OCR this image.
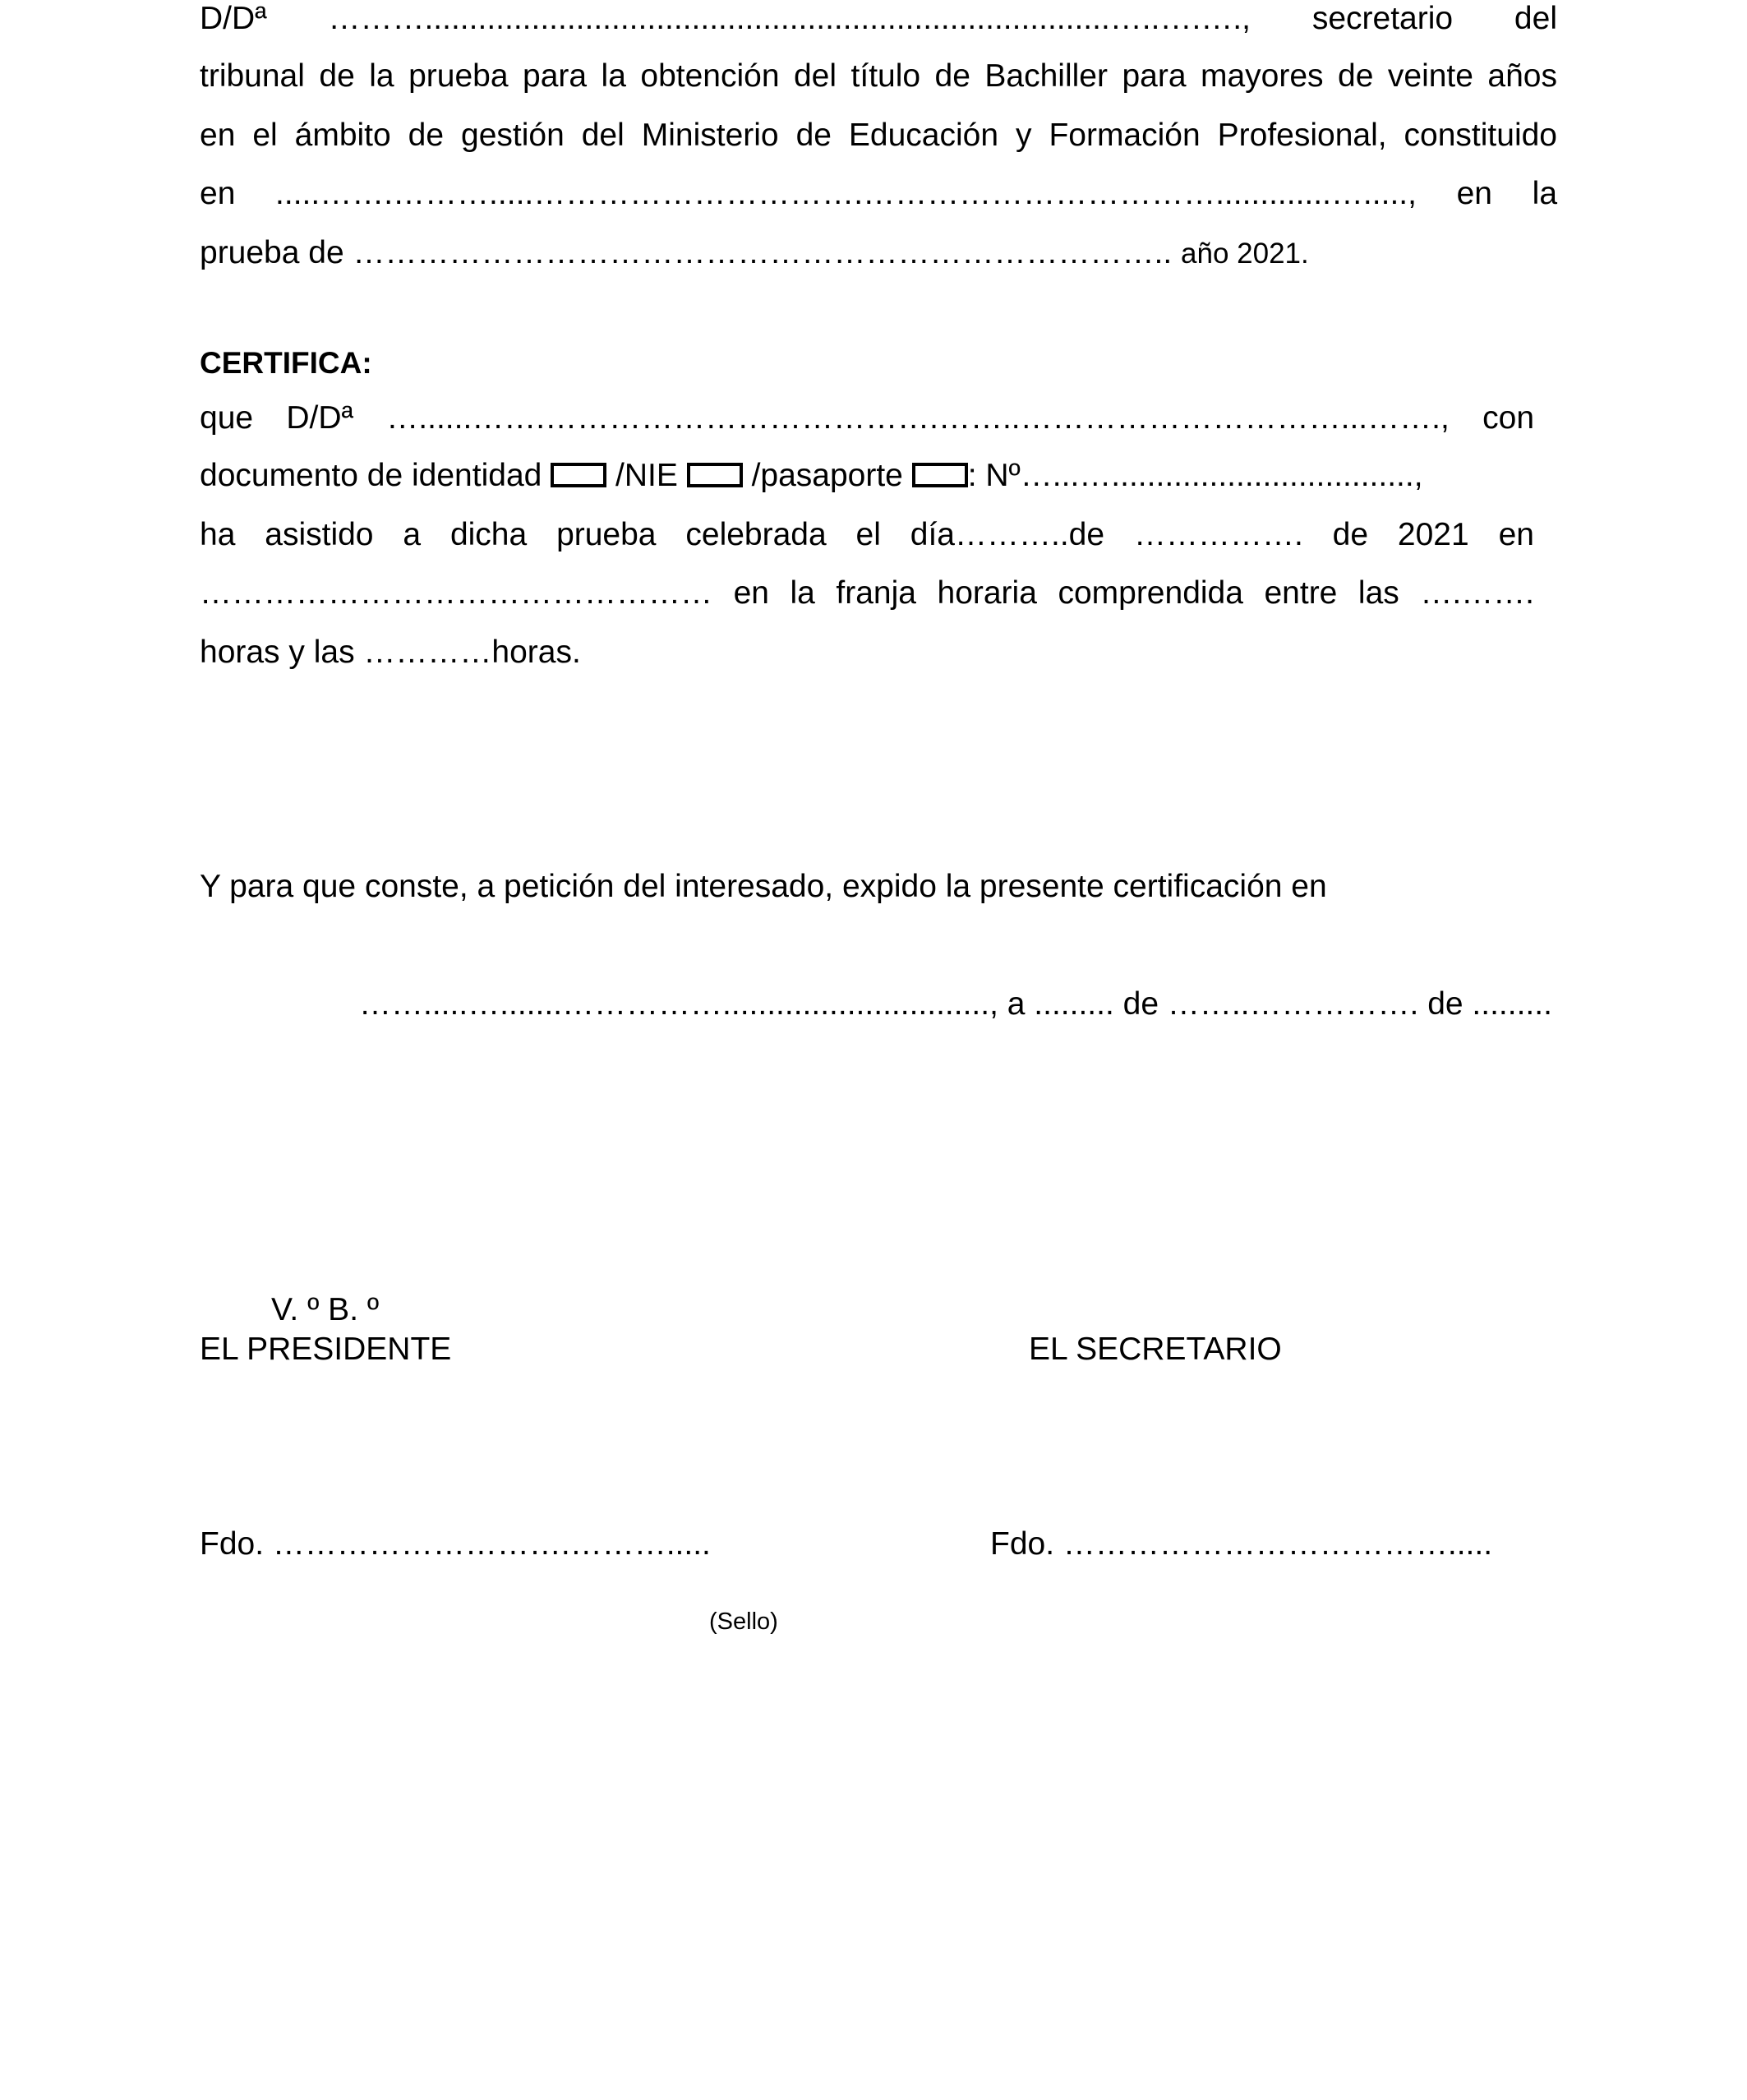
D/Dª ……….............................................................................…..….…., secretario del
tribunal de la prueba para la obtención del título de Bachiller para mayores de veinte años
en el ámbito de gestión del Ministerio de Educación y Formación Profesional, constituido
en .....…….……….....………………………….…………………………….............…....., en la
prueba de ………………………………………………………………….. año 2021.
CERTIFICA:
que D/Dª …......…….……………………………….……..…………………………...……., con
documento de identidad /NIE /pasaporte : Nº…...…..................................,
ha asistido a dicha prueba celebrada el día………..de ……………. de 2021 en
………………………………………… en la franja horaria comprendida entre las ….…….
horas y las …………horas.
Y para que conste, a petición del interesado, expido la presente certificación en
…….....….......…………….............................., a ......... de ……..……………. de .........
V. º B. º
EL PRESIDENTE	EL SECRETARIO
Fdo. ……………………….……….....	Fdo. ……………………………….....
(Sello)
